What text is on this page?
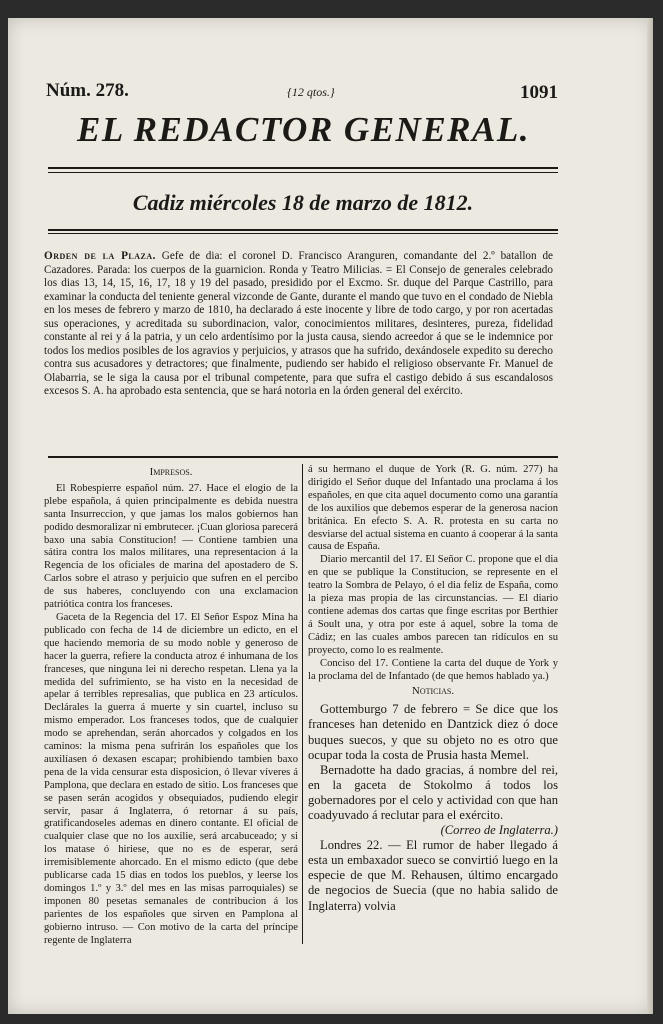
Núm. 278.	{12 qtos.}	1091
EL REDACTOR GENERAL.
Cadiz miércoles 18 de marzo de 1812.
Orden de la Plaza. Gefe de dia: el coronel D. Francisco Aranguren, comandante del 2.º batallon de Cazadores. Parada: los cuerpos de la guarnicion. Ronda y Teatro Milicias. = El Consejo de generales celebrado los dias 13, 14, 15, 16, 17, 18 y 19 del pasado, presidido por el Excmo. Sr. duque del Parque Castrillo, para examinar la conducta del teniente general vizconde de Gante, durante el mando que tuvo en el condado de Niebla en los meses de febrero y marzo de 1810, ha declarado á este inocente y libre de todo cargo, y por ron acertadas sus operaciones, y acreditada su subordinacion, valor, conocimientos militares, desinteres, pureza, fidelidad constante al rei y á la patria, y un celo ardentísimo por la justa causa, siendo acreedor á que se le indemnice por todos los medios posibles de los agravios y perjuicios, y atrasos que ha sufrido, dexándosele expedito su derecho contra sus acusadores y detractores; que finalmente, pudiendo ser habido el religioso observante Fr. Manuel de Olabarria, se le siga la causa por el tribunal competente, para que sufra el castigo debido á sus escandalosos excesos S. A. ha aprobado esta sentencia, que se hará notoria en la órden general del exército.
Impresos.

El Robespierre español núm. 27. Hace el elogio de la plebe española, á quien principalmente es debida nuestra santa Insurreccion, y que jamas los malos gobiernos han podido desmoralizar ni embrutecer. ¡Cuan gloriosa parecerá baxo una sabia Constitucion! — Contiene tambien una sátira contra los malos militares, una representacion á la Regencia de los oficiales de marina del apostadero de S. Carlos sobre el atraso y perjuicio que sufren en el percibo de sus haberes, concluyendo con una exclamacion patriótica contra los franceses.

Gaceta de la Regencia del 17. El Señor Espoz Mina ha publicado con fecha de 14 de diciembre un edicto, en el que haciendo memoria de su modo noble y generoso de hacer la guerra, refiere la conducta atroz é inhumana de los franceses, que ninguna lei ni derecho respetan. Llena ya la medida del sufrimiento, se ha visto en la necesidad de apelar á terribles represalias, que publica en 23 artículos. Declárales la guerra á muerte y sin cuartel, incluso su mismo emperador. Los franceses todos, que de cualquier modo se aprehendan, serán ahorcados y colgados en los caminos: la misma pena sufrirán los españoles que los auxilíasen ó dexasen escapar; prohibiendo tambien baxo pena de la vida censurar esta disposicion, ó llevar víveres á Pamplona, que declara en estado de sitio. Los franceses que se pasen serán acogidos y obsequiados, pudiendo elegir servir, pasar á Inglaterra, ó retornar á su país, gratificandoseles ademas en dinero contante. El oficial de cualquier clase que no los auxilie, será arcabuceado; y si los matase ó hiriese, que no es de esperar, será irremisiblemente ahorcado. En el mismo edicto (que debe publicarse cada 15 dias en todos los pueblos, y leerse los domingos 1.º y 3.º del mes en las misas parroquiales) se imponen 80 pesetas semanales de contribucion á los parientes de los españoles que sirven en Pamplona al gobierno intruso. — Con motivo de la carta del príncipe regente de Inglaterra

á su hermano el duque de York (R. G. núm. 277) ha dirigido el Señor duque del Infantado una proclama á los españoles, en que cita aquel documento como una garantía de los auxilios que debemos esperar de la generosa nacion británica. En efecto S. A. R. protesta en su carta no desviarse del actual sistema en cuanto á cooperar á la santa causa de España.

Diario mercantil del 17. El Señor C. propone que el dia en que se publique la Constitucion, se represente en el teatro la Sombra de Pelayo, ó el dia feliz de España, como la pieza mas propia de las circunstancias. — El diario contiene ademas dos cartas que finge escritas por Berthier á Soult una, y otra por este á aquel, sobre la toma de Cádiz; en las cuales ambos parecen tan ridículos en su proyecto, como lo es realmente.

Conciso del 17. Contiene la carta del duque de York y la proclama del de Infantado (de que hemos hablado ya.)

Noticias.

Gottemburgo 7 de febrero = Se dice que los franceses han detenido en Dantzick diez ó doce buques suecos, y que su objeto no es otro que ocupar toda la costa de Prusia hasta Memel.

Bernadotte ha dado gracias, á nombre del rei, en la gaceta de Stokolmo á todos los gobernadores por el celo y actividad con que han coadyuvado á reclutar para el exército.

(Correo de Inglaterra.)

Londres 22. — El rumor de haber llegado á esta un embaxador sueco se convirtió luego en la especie de que M. Rehausen, último encargado de negocios de Suecia (que no habia salido de Inglaterra) volvia
